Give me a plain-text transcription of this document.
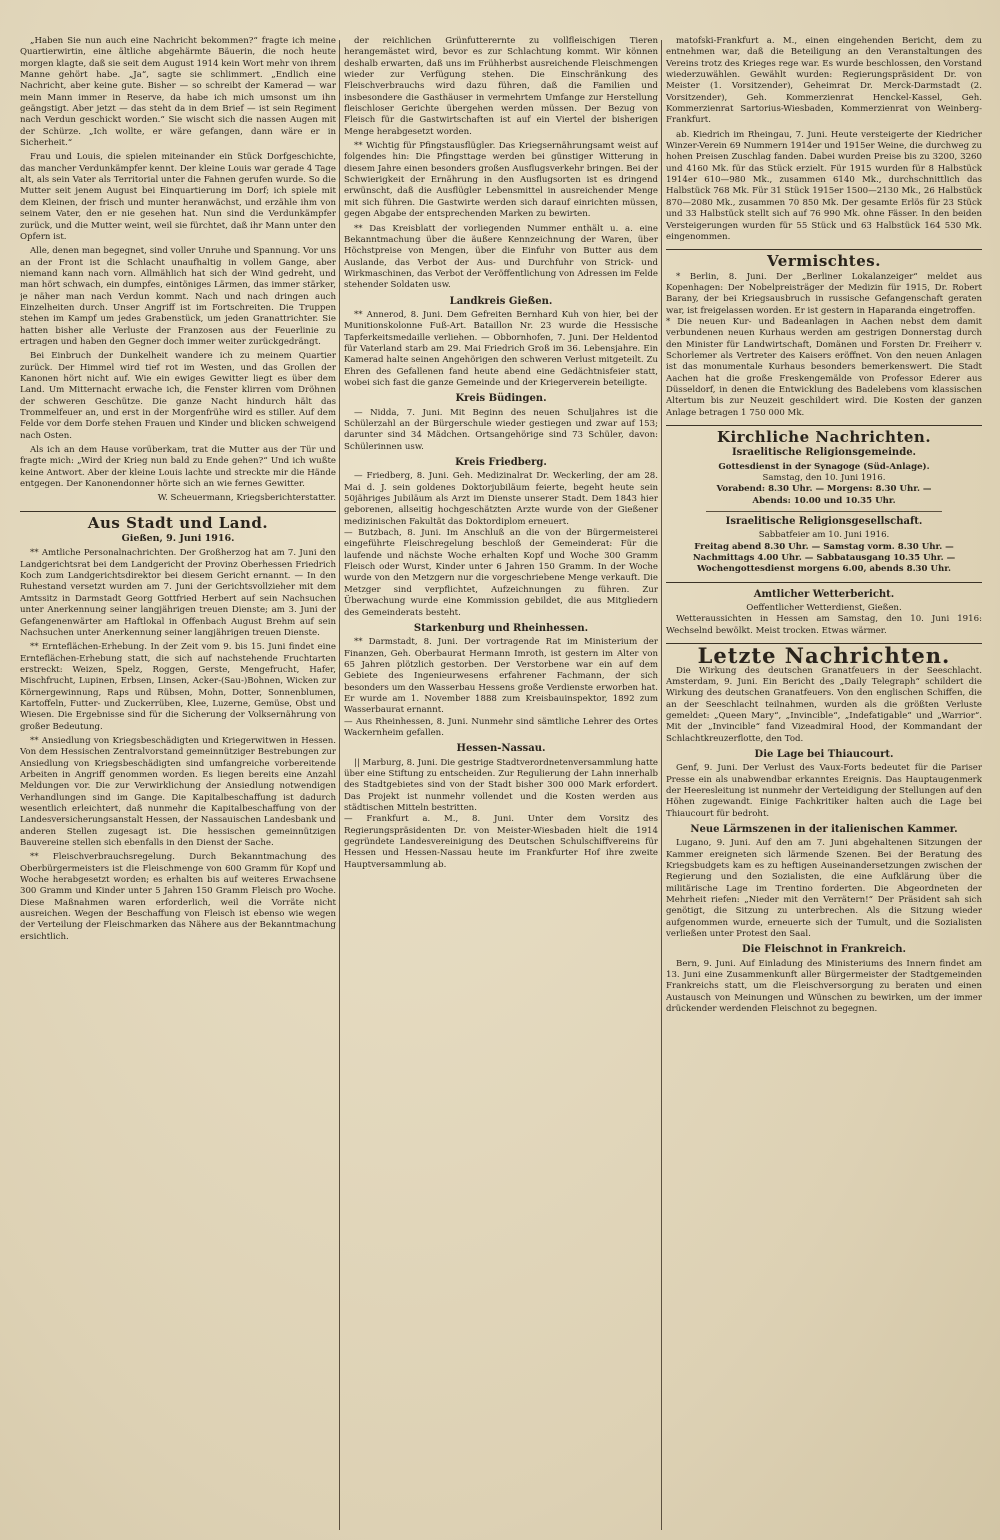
„Haben Sie nun auch eine Nachricht bekommen?“ fragte ich meine Quartierwirtin, eine ältliche abgehärmte Bäuerin, die noch heute morgen klagte, daß sie seit dem August 1914 kein Wort mehr von ihrem Manne gehört habe. „Ja“, sagte sie schlimmert. „Endlich eine Nachricht, aber keine gute. Bisher — so schreibt der Kamerad — war mein Mann immer in Reserve, da habe ich mich umsonst um ihn geängstigt. Aber jetzt — das steht da in dem Brief — ist sein Regiment nach Verdun geschickt worden.“ Sie wischt sich die nassen Augen mit der Schürze. „Ich wollte, er wäre gefangen, dann wäre er in Sicherheit.“

Frau und Louis, die spielen miteinander ein Stück Dorfgeschichte, das mancher Verdunkämpfer kennt. Der kleine Louis war gerade 4 Tage alt, als sein Vater als Territorial unter die Fahnen gerufen wurde. So die Mutter seit jenem August bei Einquartierung im Dorf; ich spiele mit dem Kleinen, der frisch und munter heranwächst, und erzähle ihm von seinem Vater, den er nie gesehen hat. Nun sind die Verdunkämpfer zurück, und die Mutter weint, weil sie fürchtet, daß ihr Mann unter den Opfern ist.

Alle, denen man begegnet, sind voller Unruhe und Spannung. Vor uns an der Front ist die Schlacht unaufhaltig in vollem Gange, aber niemand kann nach vorn. Allmählich hat sich der Wind gedreht, und man hört schwach, ein dumpfes, eintöniges Lärmen, das immer stärker, je näher man nach Verdun kommt. Nach und nach dringen auch Einzelheiten durch. Unser Angriff ist im Fortschreiten. Die Truppen stehen im Kampf um jedes Grabenstück, um jeden Granattrichter. Sie hatten bisher alle Verluste der Franzosen aus der Feuerlinie zu ertragen und haben den Gegner doch immer weiter zurückgedrängt.

Bei Einbruch der Dunkelheit wandere ich zu meinem Quartier zurück. Der Himmel wird tief rot im Westen, und das Grollen der Kanonen hört nicht auf. Wie ein ewiges Gewitter liegt es über dem Land. Um Mitternacht erwache ich, die Fenster klirren vom Dröhnen der schweren Geschütze. Die ganze Nacht hindurch hält das Trommelfeuer an, und erst in der Morgenfrühe wird es stiller. Auf dem Felde vor dem Dorfe stehen Frauen und Kinder und blicken schweigend nach Osten.

Als ich an dem Hause vorüberkam, trat die Mutter aus der Tür und fragte mich: „Wird der Krieg nun bald zu Ende gehen?“ Und ich wußte keine Antwort. Aber der kleine Louis lachte und streckte mir die Hände entgegen. Der Kanonendonner hörte sich an wie fernes Gewitter.

W. Scheuermann, Kriegsberichterstatter.
Aus Stadt und Land.
Gießen, 9. Juni 1916.

** Amtliche Personalnachrichten. Der Großherzog hat am 7. Juni den Landgerichtsrat bei dem Landgericht der Provinz Oberhessen Friedrich Koch zum Landgerichtsdirektor bei diesem Gericht ernannt. — In den Ruhestand versetzt wurden am 7. Juni der Gerichtsvollzieher mit dem Amtssitz in Darmstadt Georg Gottfried Herbert auf sein Nachsuchen unter Anerkennung seiner langjährigen treuen Dienste; am 3. Juni der Gefangenenwärter am Haftlokal in Offenbach August Brehm auf sein Nachsuchen unter Anerkennung seiner langjährigen treuen Dienste.

** Ernteflächen-Erhebung. In der Zeit vom 9. bis 15. Juni findet eine Ernteflächen-Erhebung statt, die sich auf nachstehende Fruchtarten erstreckt: Weizen, Spelz, Roggen, Gerste, Mengefrucht, Hafer, Mischfrucht, Lupinen, Erbsen, Linsen, Acker-(Sau-)Bohnen, Wicken zur Körnergewinnung, Raps und Rübsen, Mohn, Dotter, Sonnenblumen, Kartoffeln, Futter- und Zuckerrüben, Klee, Luzerne, Gemüse, Obst und Wiesen. Die Ergebnisse sind für die Sicherung der Volksernährung von großer Bedeutung.

** Ansiedlung von Kriegsbeschädigten und Kriegerwitwen in Hessen. Von dem Hessischen Zentralvorstand gemeinnütziger Bestrebungen zur Ansiedlung von Kriegsbeschädigten sind umfangreiche vorbereitende Arbeiten in Angriff genommen worden. Es liegen bereits eine Anzahl Meldungen vor. Die zur Verwirklichung der Ansiedlung notwendigen Verhandlungen sind im Gange. Die Kapitalbeschaffung ist dadurch wesentlich erleichtert, daß nunmehr die Kapitalbeschaffung von der Landesversicherungsanstalt Hessen, der Nassauischen Landesbank und anderen Stellen zugesagt ist. Die hessischen gemeinnützigen Bauvereine stellen sich ebenfalls in den Dienst der Sache.

** Fleischverbrauchsregelung. Durch Bekanntmachung des Oberbürgermeisters ist die Fleischmenge von 600 Gramm für Kopf und Woche herabgesetzt worden; es erhalten bis auf weiteres Erwachsene 300 Gramm und Kinder unter 5 Jahren 150 Gramm Fleisch pro Woche. Diese Maßnahmen waren erforderlich, weil die Vorräte nicht ausreichen. Wegen der Beschaffung von Fleisch ist ebenso wie wegen der Verteilung der Fleischmarken das Nähere aus der Bekanntmachung ersichtlich.

der reichlichen Grünfutterernte zu vollfleischigen Tieren herangemästet wird, bevor es zur Schlachtung kommt. Wir können deshalb erwarten, daß uns im Frühherbst ausreichende Fleischmengen wieder zur Verfügung stehen. Die Einschränkung des Fleischverbrauchs wird dazu führen, daß die Familien und insbesondere die Gasthäuser in vermehrtem Umfange zur Herstellung fleischloser Gerichte übergehen werden müssen. Der Bezug von Fleisch für die Gastwirtschaften ist auf ein Viertel der bisherigen Menge herabgesetzt worden.

** Wichtig für Pfingstausflügler. Das Kriegsernährungsamt weist auf folgendes hin: Die Pfingsttage werden bei günstiger Witterung in diesem Jahre einen besonders großen Ausflugsverkehr bringen. Bei der Schwierigkeit der Ernährung in den Ausflugsorten ist es dringend erwünscht, daß die Ausflügler Lebensmittel in ausreichender Menge mit sich führen. Die Gastwirte werden sich darauf einrichten müssen, gegen Abgabe der entsprechenden Marken zu bewirten.

** Das Kreisblatt der vorliegenden Nummer enthält u. a. eine Bekanntmachung über die äußere Kennzeichnung der Waren, über Höchstpreise von Mengen, über die Einfuhr von Butter aus dem Auslande, das Verbot der Aus- und Durchfuhr von Strick- und Wirkmaschinen, das Verbot der Veröffentlichung von Adressen im Felde stehender Soldaten usw.

Landkreis Gießen.

** Annerod, 8. Juni. Dem Gefreiten Bernhard Kuh von hier, bei der Munitionskolonne Fuß-Art. Bataillon Nr. 23 wurde die Hessische Tapferkeitsmedaille verliehen. — Obbornhofen, 7. Juni. Der Heldentod für Vaterland starb am 29. Mai Friedrich Groß im 36. Lebensjahre. Ein Kamerad halte seinen Angehörigen den schweren Verlust mitgeteilt. Zu Ehren des Gefallenen fand heute abend eine Gedächtnisfeier statt, wobei sich fast die ganze Gemeinde und der Kriegerverein beteiligte.

Kreis Büdingen.

— Nidda, 7. Juni. Mit Beginn des neuen Schuljahres ist die Schülerzahl an der Bürgerschule wieder gestiegen und zwar auf 153; darunter sind 34 Mädchen. Ortsangehörige sind 73 Schüler, davon: Schülerinnen usw.

Kreis Friedberg.

— Friedberg, 8. Juni. Geh. Medizinalrat Dr. Weckerling, der am 28. Mai d. J. sein goldenes Doktorjubiläum feierte, begeht heute sein 50jähriges Jubiläum als Arzt im Dienste unserer Stadt. Dem 1843 hier geborenen, allseitig hochgeschätzten Arzte wurde von der Gießener medizinischen Fakultät das Doktordiplom erneuert.
— Butzbach, 8. Juni. Im Anschluß an die von der Bürgermeisterei eingeführte Fleischregelung beschloß der Gemeinderat: Für die laufende und nächste Woche erhalten Kopf und Woche 300 Gramm Fleisch oder Wurst, Kinder unter 6 Jahren 150 Gramm. In der Woche wurde von den Metzgern nur die vorgeschriebene Menge verkauft. Die Metzger sind verpflichtet, Aufzeichnungen zu führen. Zur Überwachung wurde eine Kommission gebildet, die aus Mitgliedern des Gemeinderats besteht.

Starkenburg und Rheinhessen.

** Darmstadt, 8. Juni. Der vortragende Rat im Ministerium der Finanzen, Geh. Oberbaurat Hermann Imroth, ist gestern im Alter von 65 Jahren plötzlich gestorben. Der Verstorbene war ein auf dem Gebiete des Ingenieurwesens erfahrener Fachmann, der sich besonders um den Wasserbau Hessens große Verdienste erworben hat. Er wurde am 1. November 1888 zum Kreisbauinspektor, 1892 zum Wasserbaurat ernannt.
— Aus Rheinhessen, 8. Juni. Nunmehr sind sämtliche Lehrer des Ortes Wackernheim gefallen.

Hessen-Nassau.

|| Marburg, 8. Juni. Die gestrige Stadtverordnetenversammlung hatte über eine Stiftung zu entscheiden. Zur Regulierung der Lahn innerhalb des Stadtgebietes sind von der Stadt bisher 300 000 Mark erfordert. Das Projekt ist nunmehr vollendet und die Kosten werden aus städtischen Mitteln bestritten.
— Frankfurt a. M., 8. Juni. Unter dem Vorsitz des Regierungspräsidenten Dr. von Meister-Wiesbaden hielt die 1914 gegründete Landesvereinigung des Deutschen Schulschiffvereins für Hessen und Hessen-Nassau heute im Frankfurter Hof ihre zweite Hauptversammlung ab.

matofski-Frankfurt a. M., einen eingehenden Bericht, dem zu entnehmen war, daß die Beteiligung an den Veranstaltungen des Vereins trotz des Krieges rege war. Es wurde beschlossen, den Vorstand wiederzuwählen. Gewählt wurden: Regierungspräsident Dr. von Meister (1. Vorsitzender), Geheimrat Dr. Merck-Darmstadt (2. Vorsitzender), Geh. Kommerzienrat Henckel-Kassel, Geh. Kommerzienrat Sartorius-Wiesbaden, Kommerzienrat von Weinberg-Frankfurt.

ab. Kiedrich im Rheingau, 7. Juni. Heute versteigerte der Kiedricher Winzer-Verein 69 Nummern 1914er und 1915er Weine, die durchweg zu hohen Preisen Zuschlag fanden. Dabei wurden Preise bis zu 3200, 3260 und 4160 Mk. für das Stück erzielt. Für 1915 wurden für 8 Halbstück 1914er 610—980 Mk., zusammen 6140 Mk., durchschnittlich das Halbstück 768 Mk. Für 31 Stück 1915er 1500—2130 Mk., 26 Halbstück 870—2080 Mk., zusammen 70 850 Mk. Der gesamte Erlös für 23 Stück und 33 Halbstück stellt sich auf 76 990 Mk. ohne Fässer. In den beiden Versteigerungen wurden für 55 Stück und 63 Halbstück 164 530 Mk. eingenommen.

Vermischtes.

* Berlin, 8. Juni. Der „Berliner Lokalanzeiger“ meldet aus Kopenhagen: Der Nobelpreisträger der Medizin für 1915, Dr. Robert Barany, der bei Kriegsausbruch in russische Gefangenschaft geraten war, ist freigelassen worden. Er ist gestern in Haparanda eingetroffen.
* Die neuen Kur- und Badeanlagen in Aachen nebst dem damit verbundenen neuen Kurhaus werden am gestrigen Donnerstag durch den Minister für Landwirtschaft, Domänen und Forsten Dr. Freiherr v. Schorlemer als Vertreter des Kaisers eröffnet. Von den neuen Anlagen ist das monumentale Kurhaus besonders bemerkenswert. Die Stadt Aachen hat die große Freskengemälde von Professor Ederer aus Düsseldorf, in denen die Entwicklung des Badelebens vom klassischen Altertum bis zur Neuzeit geschildert wird. Die Kosten der ganzen Anlage betragen 1 750 000 Mk.

Kirchliche Nachrichten.
Israelitische Religionsgemeinde.
Gottesdienst in der Synagoge (Süd-Anlage).
Samstag, den 10. Juni 1916.
Vorabend: 8.30 Uhr. — Morgens: 8.30 Uhr. —
Abends: 10.00 und 10.35 Uhr.
Israelitische Religionsgesellschaft.
Sabbatfeier am 10. Juni 1916.
Freitag abend 8.30 Uhr. — Samstag vorm. 8.30 Uhr. —
Nachmittags 4.00 Uhr. — Sabbatausgang 10.35 Uhr. —
Wochengottesdienst morgens 6.00, abends 8.30 Uhr.
Amtlicher Wetterbericht.
Oeffentlicher Wetterdienst, Gießen.

Wetteraussichten in Hessen am Samstag, den 10. Juni 1916: Wechselnd bewölkt. Meist trocken. Etwas wärmer.

Letzte Nachrichten.

Die Wirkung des deutschen Granatfeuers in der Seeschlacht. Amsterdam, 9. Juni. Ein Bericht des „Daily Telegraph“ schildert die Wirkung des deutschen Granatfeuers. Von den englischen Schiffen, die an der Seeschlacht teilnahmen, wurden als die größten Verluste gemeldet: „Queen Mary“, „Invincible“, „Indefatigable“ und „Warrior“. Mit der „Invincible“ fand Vizeadmiral Hood, der Kommandant der Schlachtkreuzerflotte, den Tod.

Die Lage bei Thiaucourt.

Genf, 9. Juni. Der Verlust des Vaux-Forts bedeutet für die Pariser Presse ein als unabwendbar erkanntes Ereignis. Das Hauptaugenmerk der Heeresleitung ist nunmehr der Verteidigung der Stellungen auf den Höhen zugewandt. Einige Fachkritiker halten auch die Lage bei Thiaucourt für bedroht.

Neue Lärmszenen in der italienischen Kammer.

Lugano, 9. Juni. Auf den am 7. Juni abgehaltenen Sitzungen der Kammer ereigneten sich lärmende Szenen. Bei der Beratung des Kriegsbudgets kam es zu heftigen Auseinandersetzungen zwischen der Regierung und den Sozialisten, die eine Aufklärung über die militärische Lage im Trentino forderten. Die Abgeordneten der Mehrheit riefen: „Nieder mit den Verrätern!“ Der Präsident sah sich genötigt, die Sitzung zu unterbrechen. Als die Sitzung wieder aufgenommen wurde, erneuerte sich der Tumult, und die Sozialisten verließen unter Protest den Saal.

Die Fleischnot in Frankreich.

Bern, 9. Juni. Auf Einladung des Ministeriums des Innern findet am 13. Juni eine Zusammenkunft aller Bürgermeister der Stadtgemeinden Frankreichs statt, um die Fleischversorgung zu beraten und einen Austausch von Meinungen und Wünschen zu bewirken, um der immer drückender werdenden Fleischnot zu begegnen.
